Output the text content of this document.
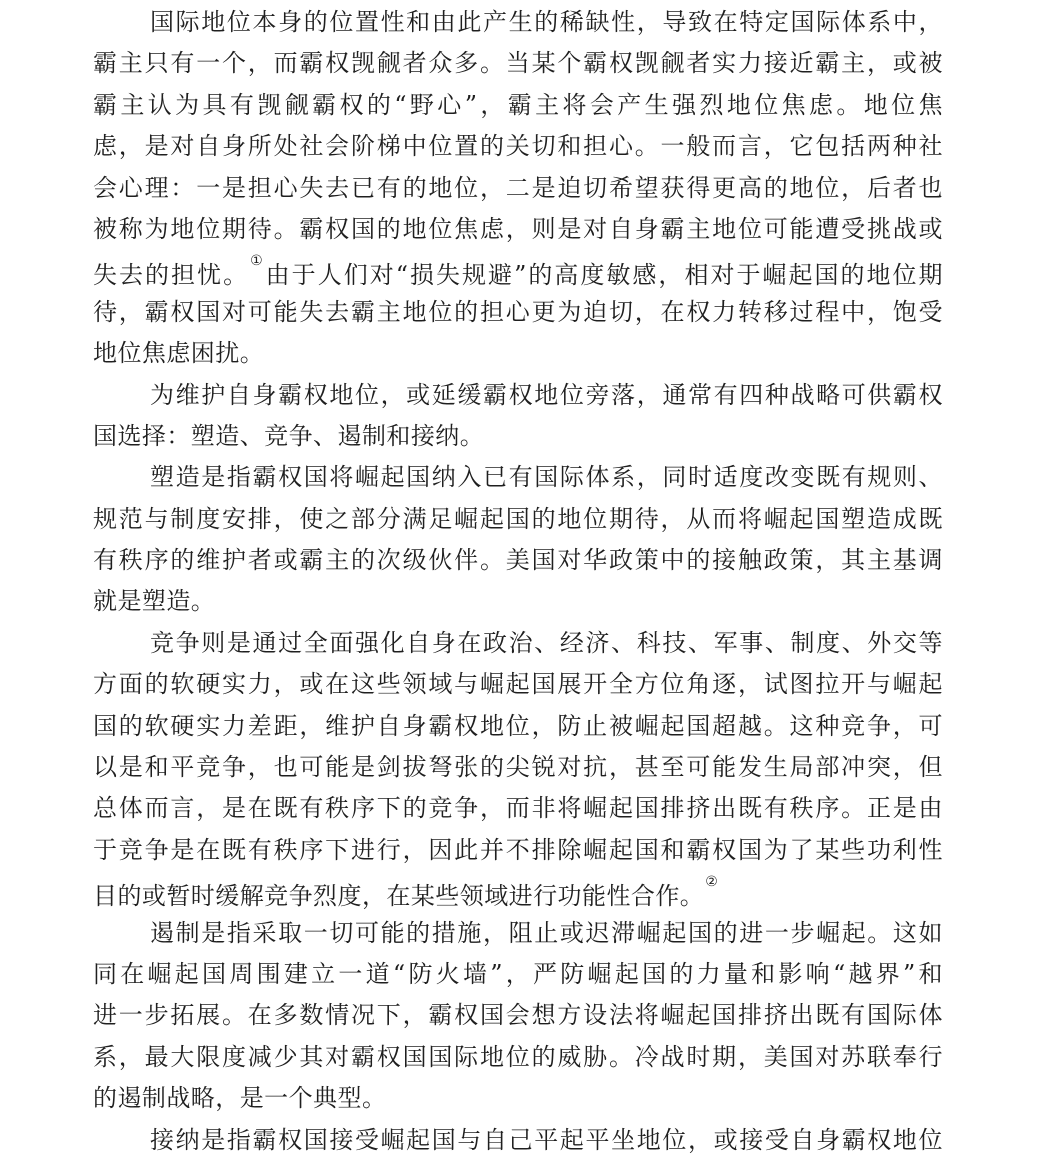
国际地位本身的位置性和由此产生的稀缺性，导致在特定国际体系中，
霸主只有一个，而霸权觊觎者众多。当某个霸权觊觎者实力接近霸主，或被
霸主认为具有觊觎霸权的“野心”，霸主将会产生强烈地位焦虑。地位焦
虑，是对自身所处社会阶梯中位置的关切和担心。一般而言，它包括两种社
会心理：一是担心失去已有的地位，二是迫切希望获得更高的地位，后者也
被称为地位期待。霸权国的地位焦虑，则是对自身霸主地位可能遭受挑战或
失去的担忧。①由于人们对“损失规避”的高度敏感，相对于崛起国的地位期
待，霸权国对可能失去霸主地位的担心更为迫切，在权力转移过程中，饱受
地位焦虑困扰。
为维护自身霸权地位，或延缓霸权地位旁落，通常有四种战略可供霸权
国选择：塑造、竞争、遏制和接纳。
塑造是指霸权国将崛起国纳入已有国际体系，同时适度改变既有规则、
规范与制度安排，使之部分满足崛起国的地位期待，从而将崛起国塑造成既
有秩序的维护者或霸主的次级伙伴。美国对华政策中的接触政策，其主基调
就是塑造。
竞争则是通过全面强化自身在政治、经济、科技、军事、制度、外交等
方面的软硬实力，或在这些领域与崛起国展开全方位角逐，试图拉开与崛起
国的软硬实力差距，维护自身霸权地位，防止被崛起国超越。这种竞争，可
以是和平竞争，也可能是剑拔弩张的尖锐对抗，甚至可能发生局部冲突，但
总体而言，是在既有秩序下的竞争，而非将崛起国排挤出既有秩序。正是由
于竞争是在既有秩序下进行，因此并不排除崛起国和霸权国为了某些功利性
目的或暂时缓解竞争烈度，在某些领域进行功能性合作。②
遏制是指采取一切可能的措施，阻止或迟滞崛起国的进一步崛起。这如
同在崛起国周围建立一道“防火墙”，严防崛起国的力量和影响“越界”和
进一步拓展。在多数情况下，霸权国会想方设法将崛起国排挤出既有国际体
系，最大限度减少其对霸权国国际地位的威胁。冷战时期，美国对苏联奉行
的遏制战略，是一个典型。
接纳是指霸权国接受崛起国与自己平起平坐地位，或接受自身霸权地位
